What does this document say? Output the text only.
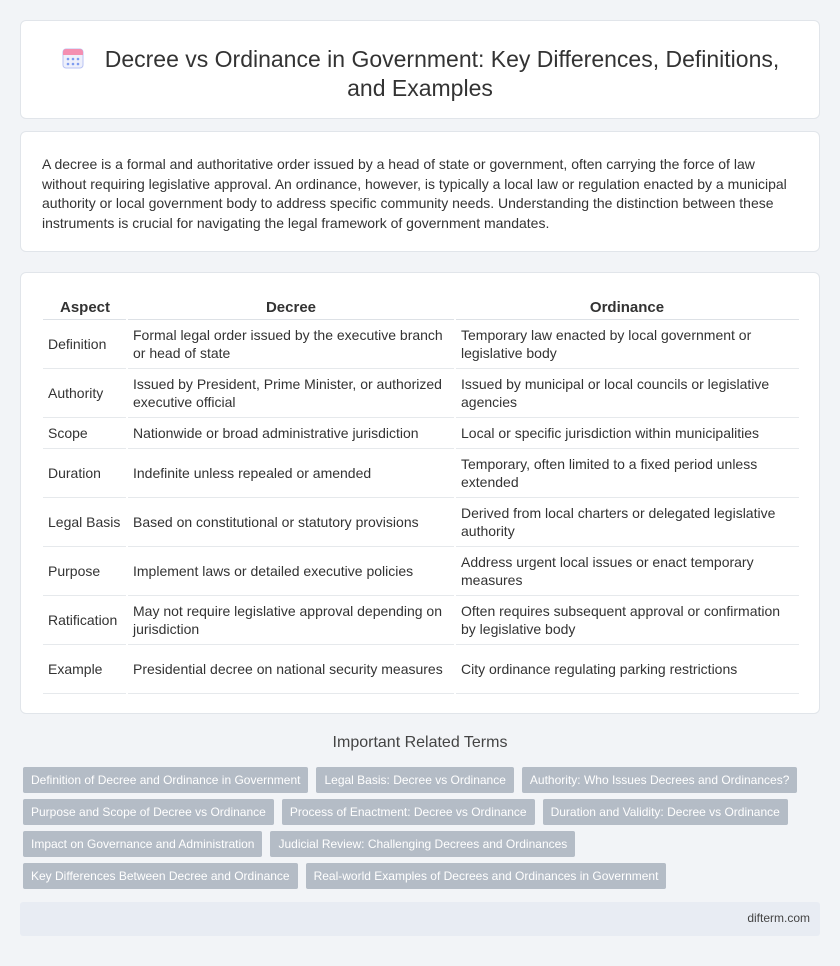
Decree vs Ordinance in Government: Key Differences, Definitions, and Examples

A decree is a formal and authoritative order issued by a head of state or government, often carrying the force of law without requiring legislative approval. An ordinance, however, is typically a local law or regulation enacted by a municipal authority or local government body to address specific community needs. Understanding the distinction between these instruments is crucial for navigating the legal framework of government mandates.

Aspect	Decree	Ordinance
Definition	Formal legal order issued by the executive branch or head of state	Temporary law enacted by local government or legislative body
Authority	Issued by President, Prime Minister, or authorized executive official	Issued by municipal or local councils or legislative agencies
Scope	Nationwide or broad administrative jurisdiction	Local or specific jurisdiction within municipalities
Duration	Indefinite unless repealed or amended	Temporary, often limited to a fixed period unless extended
Legal Basis	Based on constitutional or statutory provisions	Derived from local charters or delegated legislative authority
Purpose	Implement laws or detailed executive policies	Address urgent local issues or enact temporary measures
Ratification	May not require legislative approval depending on jurisdiction	Often requires subsequent approval or confirmation by legislative body
Example	Presidential decree on national security measures	City ordinance regulating parking restrictions
Important Related Terms
Definition of Decree and Ordinance in Government	Legal Basis: Decree vs Ordinance	Authority: Who Issues Decrees and Ordinances?
Purpose and Scope of Decree vs Ordinance	Process of Enactment: Decree vs Ordinance	Duration and Validity: Decree vs Ordinance
Impact on Governance and Administration	Judicial Review: Challenging Decrees and Ordinances
Key Differences Between Decree and Ordinance	Real-world Examples of Decrees and Ordinances in Government
difterm.com
